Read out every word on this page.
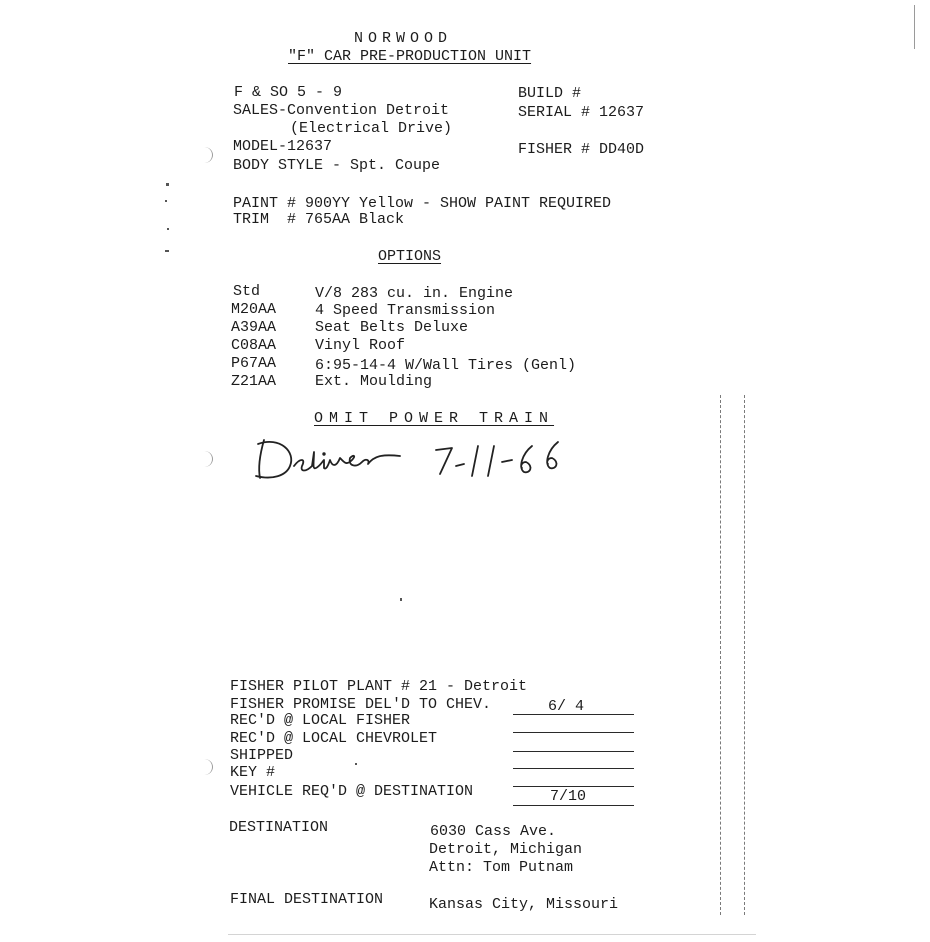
NORWOOD
"F" CAR PRE-PRODUCTION UNIT
F & SO 5 - 9
SALES-Convention Detroit
(Electrical Drive)
MODEL-12637
BODY STYLE - Spt. Coupe
BUILD #
SERIAL # 12637
FISHER # DD40D
PAINT # 900YY Yellow - SHOW PAINT REQUIRED
TRIM  # 765AA Black
OPTIONS
Std	V/8 283 cu. in. Engine
M20AA	4 Speed Transmission
A39AA	Seat Belts Deluxe
C08AA	Vinyl Roof
P67AA	6:95-14-4 W/Wall Tires (Genl)
Z21AA	Ext. Moulding
OMIT POWER TRAIN
FISHER PILOT PLANT # 21 - Detroit
FISHER PROMISE DEL'D TO CHEV.	6/ 4
REC'D @ LOCAL FISHER
REC'D @ LOCAL CHEVROLET
SHIPPED
KEY #
VEHICLE REQ'D @ DESTINATION	7/10
DESTINATION	6030 Cass Ave.
Detroit, Michigan
Attn: Tom Putnam
FINAL DESTINATION	Kansas City, Missouri
